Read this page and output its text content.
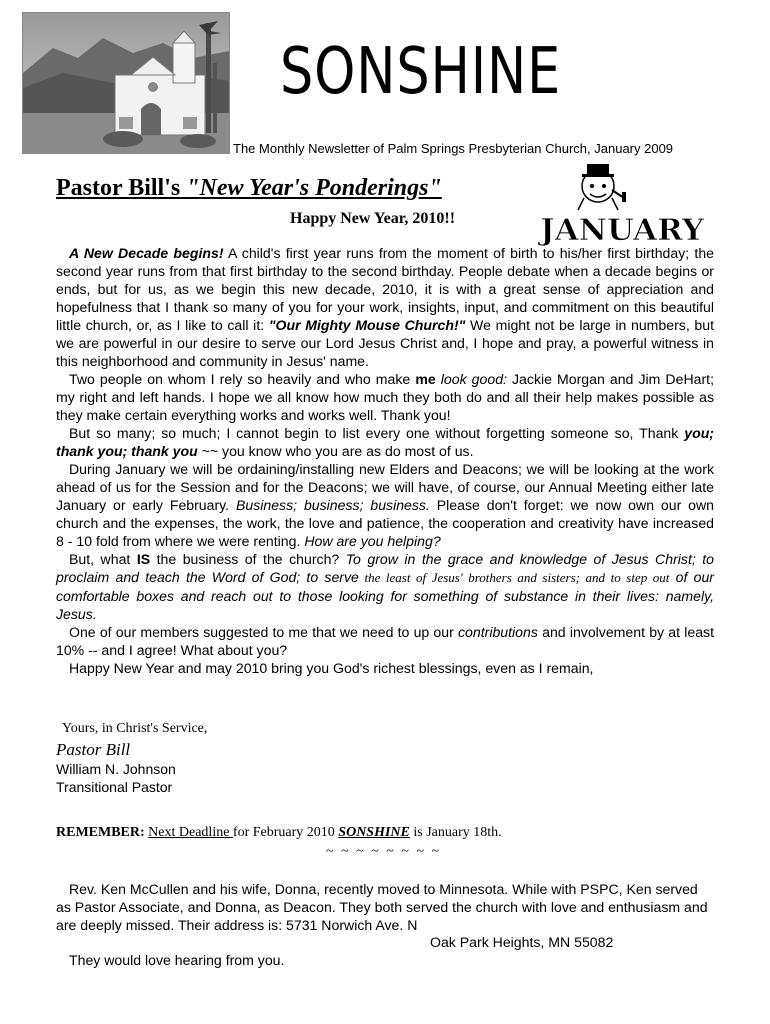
SONSHINE
The Monthly Newsletter of Palm Springs Presbyterian Church, January 2009
Pastor Bill's "New Year's Ponderings"
Happy New Year, 2010!!	JANUARY

A New Decade begins! A child's first year runs from the moment of birth to his/her first birthday; the second year runs from that first birthday to the second birthday. People debate when a decade begins or ends, but for us, as we begin this new decade, 2010, it is with a great sense of appreciation and hopefulness that I thank so many of you for your work, insights, input, and commitment on this beautiful little church, or, as I like to call it: "Our Mighty Mouse Church!" We might not be large in numbers, but we are powerful in our desire to serve our Lord Jesus Christ and, I hope and pray, a powerful witness in this neighborhood and community in Jesus' name.

Two people on whom I rely so heavily and who make me look good: Jackie Morgan and Jim DeHart; my right and left hands. I hope we all know how much they both do and all their help makes possible as they make certain everything works and works well. Thank you!

But so many; so much; I cannot begin to list every one without forgetting someone so, Thank you; thank you; thank you ~~ you know who you are as do most of us.

During January we will be ordaining/installing new Elders and Deacons; we will be looking at the work ahead of us for the Session and for the Deacons; we will have, of course, our Annual Meeting either late January or early February. Business; business; business. Please don't forget: we now own our own church and the expenses, the work, the love and patience, the cooperation and creativity have increased 8 - 10 fold from where we were renting. How are you helping?

But, what IS the business of the church? To grow in the grace and knowledge of Jesus Christ; to proclaim and teach the Word of God; to serve the least of Jesus' brothers and sisters; and to step out of our comfortable boxes and reach out to those looking for something of substance in their lives: namely, Jesus.

One of our members suggested to me that we need to up our contributions and involvement by at least 10% -- and I agree! What about you?

Happy New Year and may 2010 bring you God's richest blessings, even as I remain,

Yours, in Christ's Service,
Pastor Bill
William N. Johnson
Transitional Pastor
REMEMBER: Next Deadline for February 2010 SONSHINE is January 18th.
~ ~ ~ ~ ~ ~ ~ ~

Rev. Ken McCullen and his wife, Donna, recently moved to Minnesota. While with PSPC, Ken served as Pastor Associate, and Donna, as Deacon. They both served the church with love and enthusiasm and are deeply missed. Their address is: 5731 Norwich Ave. N

Oak Park Heights, MN 55082
They would love hearing from you.
